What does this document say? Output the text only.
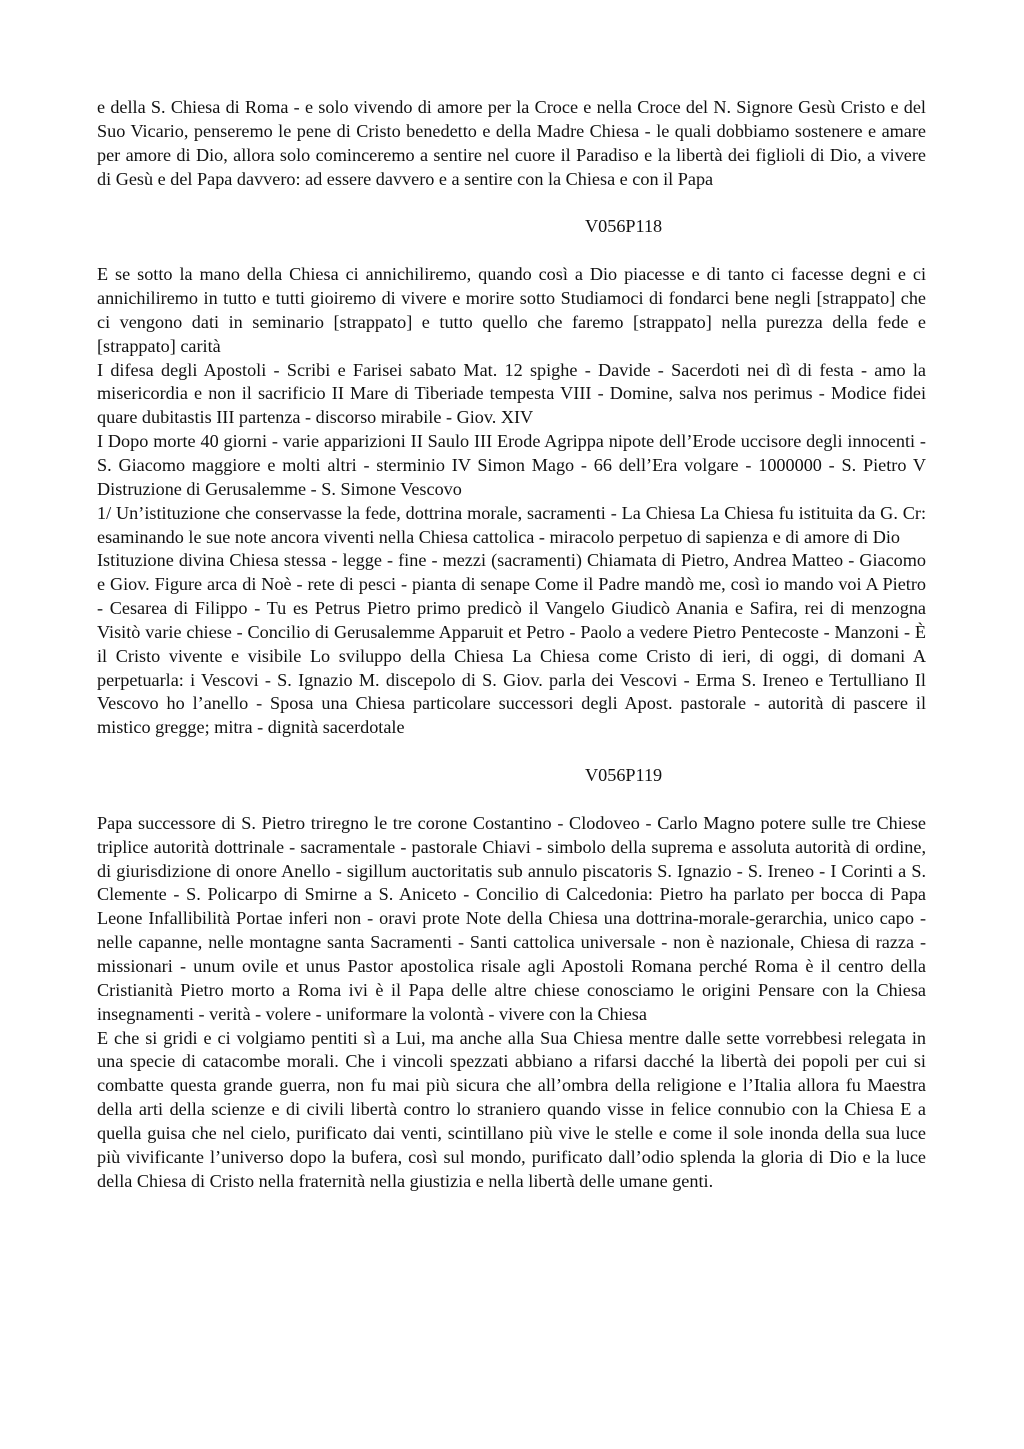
e della S. Chiesa di Roma - e solo vivendo di amore per la Croce e nella Croce del N. Signore Gesù Cristo e del Suo Vicario, penseremo le pene di Cristo benedetto e della Madre Chiesa - le quali dobbiamo sostenere e amare per amore di Dio, allora solo cominceremo a sentire nel cuore il Paradiso e la libertà dei figlioli di Dio, a vivere di Gesù e del Papa davvero: ad essere davvero e a sentire con la Chiesa e con il Papa

V056P118

E se sotto la mano della Chiesa ci annichiliremo, quando così a Dio piacesse e di tanto ci facesse degni e ci annichiliremo in tutto e tutti gioiremo di vivere e morire sotto Studiamoci di fondarci bene negli [strappato] che ci vengono dati in seminario [strappato] e tutto quello che faremo [strappato] nella purezza della fede e [strappato] carità

I difesa degli Apostoli - Scribi e Farisei sabato Mat. 12 spighe - Davide - Sacerdoti nei dì di festa - amo la misericordia e non il sacrificio II Mare di Tiberiade tempesta VIII - Domine, salva nos perimus - Modice fidei quare dubitastis III partenza - discorso mirabile - Giov. XIV

I Dopo morte 40 giorni - varie apparizioni II Saulo III Erode Agrippa nipote dell’Erode uccisore degli innocenti - S. Giacomo maggiore e molti altri - sterminio IV Simon Mago - 66 dell’Era volgare - 1000000 - S. Pietro V Distruzione di Gerusalemme - S. Simone Vescovo

1/ Un’istituzione che conservasse la fede, dottrina morale, sacramenti - La Chiesa La Chiesa fu istituita da G. Cr: esaminando le sue note ancora viventi nella Chiesa cattolica - miracolo perpetuo di sapienza e di amore di Dio

Istituzione divina Chiesa stessa - legge - fine - mezzi (sacramenti) Chiamata di Pietro, Andrea Matteo - Giacomo e Giov. Figure arca di Noè - rete di pesci - pianta di senape Come il Padre mandò me, così io mando voi A Pietro - Cesarea di Filippo - Tu es Petrus Pietro primo predicò il Vangelo Giudicò Anania e Safira, rei di menzogna Visitò varie chiese - Concilio di Gerusalemme Apparuit et Petro - Paolo a vedere Pietro Pentecoste - Manzoni - È il Cristo vivente e visibile Lo sviluppo della Chiesa La Chiesa come Cristo di ieri, di oggi, di domani A perpetuarla: i Vescovi - S. Ignazio M. discepolo di S. Giov. parla dei Vescovi - Erma S. Ireneo e Tertulliano Il Vescovo ho l’anello - Sposa una Chiesa particolare successori degli Apost. pastorale - autorità di pascere il mistico gregge; mitra - dignità sacerdotale

V056P119

Papa successore di S. Pietro triregno le tre corone Costantino - Clodoveo - Carlo Magno potere sulle tre Chiese triplice autorità dottrinale - sacramentale - pastorale Chiavi - simbolo della suprema e assoluta autorità di ordine, di giurisdizione di onore Anello - sigillum auctoritatis sub annulo piscatoris S. Ignazio - S. Ireneo - I Corinti a S. Clemente - S. Policarpo di Smirne a S. Aniceto - Concilio di Calcedonia: Pietro ha parlato per bocca di Papa Leone Infallibilità Portae inferi non - oravi prote Note della Chiesa una dottrina-morale-gerarchia, unico capo - nelle capanne, nelle montagne santa Sacramenti - Santi cattolica universale - non è nazionale, Chiesa di razza - missionari - unum ovile et unus Pastor apostolica risale agli Apostoli Romana perché Roma è il centro della Cristianità Pietro morto a Roma ivi è il Papa delle altre chiese conosciamo le origini Pensare con la Chiesa insegnamenti - verità - volere - uniformare la volontà - vivere con la Chiesa

E che si gridi e ci volgiamo pentiti sì a Lui, ma anche alla Sua Chiesa mentre dalle sette vorrebbesi relegata in una specie di catacombe morali. Che i vincoli spezzati abbiano a rifarsi dacché la libertà dei popoli per cui si combatte questa grande guerra, non fu mai più sicura che all’ombra della religione e l’Italia allora fu Maestra della arti della scienze e di civili libertà contro lo straniero quando visse in felice connubio con la Chiesa E a quella guisa che nel cielo, purificato dai venti, scintillano più vive le stelle e come il sole inonda della sua luce più vivificante l’universo dopo la bufera, così sul mondo, purificato dall’odio splenda la gloria di Dio e la luce della Chiesa di Cristo nella fraternità nella giustizia e nella libertà delle umane genti.
